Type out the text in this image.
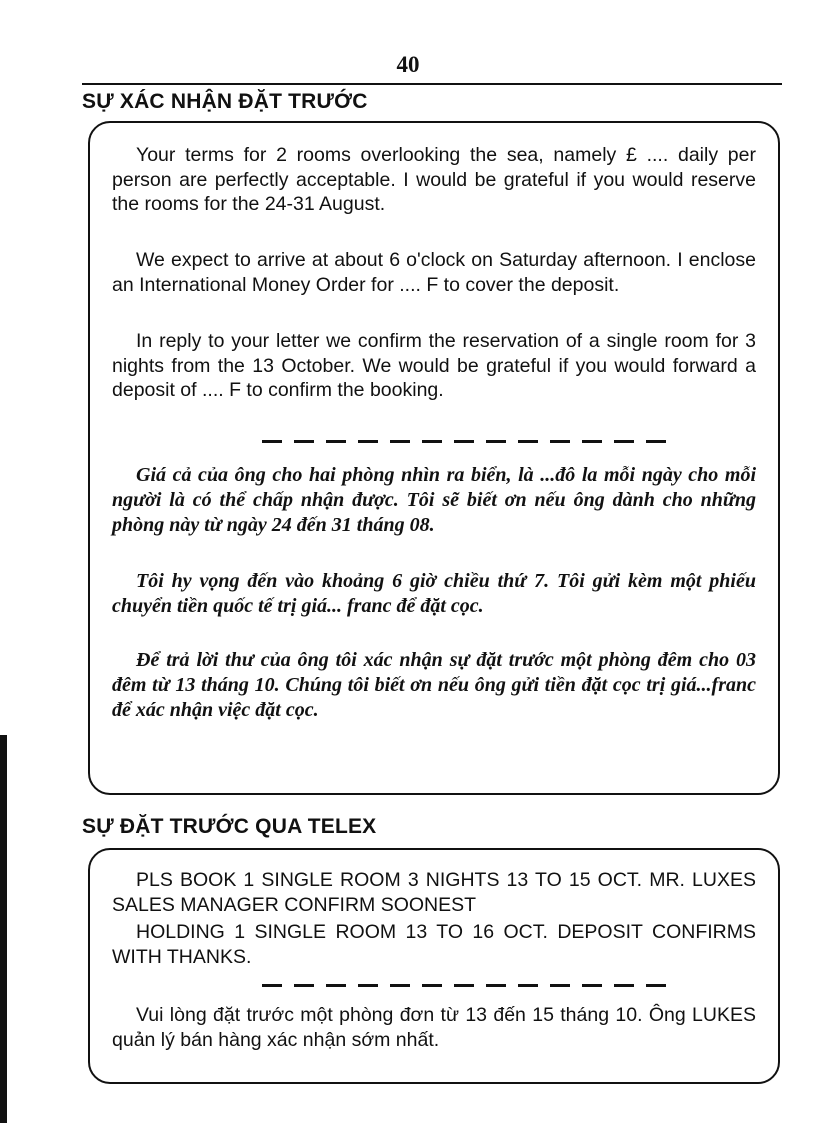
40
SỰ XÁC NHẬN ĐẶT TRƯỚC

Your terms for 2 rooms overlooking the sea, namely £ .... daily per person are perfectly acceptable. I would be grateful if you would reserve the rooms for the 24-31 August.

We expect to arrive at about 6 o'clock on Saturday afternoon. I enclose an International Money Order for .... F to cover the deposit.

In reply to your letter we confirm the reservation of a single room for 3 nights from the 13 October. We would be grateful if you would forward a deposit of .... F to confirm the booking.

Giá cả của ông cho hai phòng nhìn ra biển, là ...đô la mỗi ngày cho mỗi người là có thể chấp nhận được. Tôi sẽ biết ơn nếu ông dành cho những phòng này từ ngày 24 đến 31 tháng 08.

Tôi hy vọng đến vào khoảng 6 giờ chiều thứ 7. Tôi gửi kèm một phiếu chuyển tiền quốc tế trị giá... franc để đặt cọc.

Để trả lời thư của ông tôi xác nhận sự đặt trước một phòng đêm cho 03 đêm từ 13 tháng 10. Chúng tôi biết ơn nếu ông gửi tiền đặt cọc trị giá...franc để xác nhận việc đặt cọc.

SỰ ĐẶT TRƯỚC QUA TELEX

PLS BOOK 1 SINGLE ROOM 3 NIGHTS 13 TO 15 OCT. MR. LUXES SALES MANAGER CONFIRM SOONEST

HOLDING 1 SINGLE ROOM 13 TO 16 OCT. DEPOSIT CONFIRMS WITH THANKS.

Vui lòng đặt trước một phòng đơn từ 13 đến 15 tháng 10. Ông LUKES quản lý bán hàng xác nhận sớm nhất.
